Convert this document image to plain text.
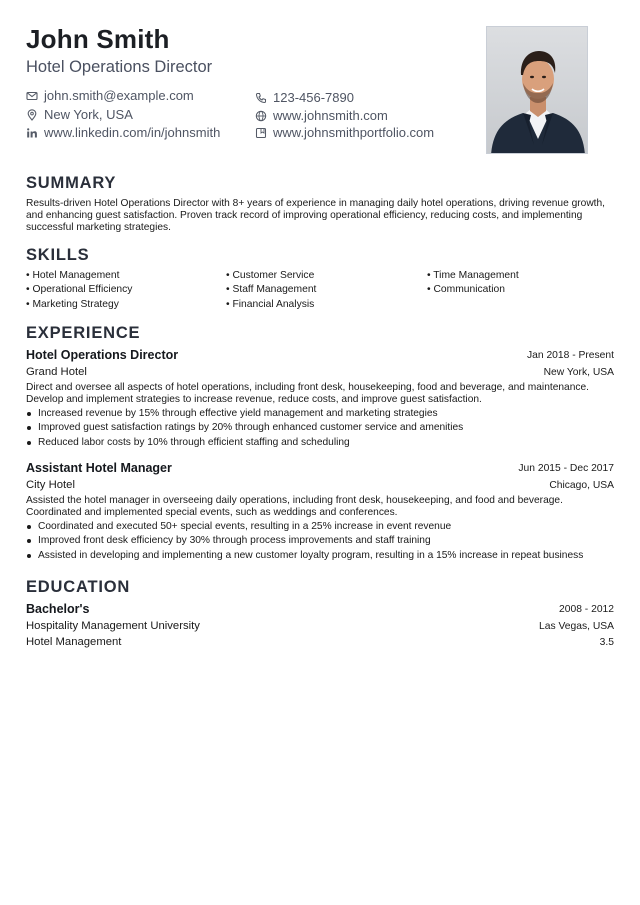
John Smith
Hotel Operations Director
john.smith@example.com
New York, USA
www.linkedin.com/in/johnsmith
123-456-7890
www.johnsmith.com
www.johnsmithportfolio.com
SUMMARY
Results-driven Hotel Operations Director with 8+ years of experience in managing daily hotel operations, driving revenue growth, and enhancing guest satisfaction. Proven track record of improving operational efficiency, reducing costs, and implementing successful marketing strategies.
SKILLS
• Hotel Management
• Operational Efficiency
• Marketing Strategy
• Customer Service
• Staff Management
• Financial Analysis
• Time Management
• Communication
EXPERIENCE
Hotel Operations Director	Jan 2018 - Present
Grand Hotel	New York, USA
Direct and oversee all aspects of hotel operations, including front desk, housekeeping, food and beverage, and maintenance. Develop and implement strategies to increase revenue, reduce costs, and improve guest satisfaction.
Increased revenue by 15% through effective yield management and marketing strategies
Improved guest satisfaction ratings by 20% through enhanced customer service and amenities
Reduced labor costs by 10% through efficient staffing and scheduling
Assistant Hotel Manager	Jun 2015 - Dec 2017
City Hotel	Chicago, USA
Assisted the hotel manager in overseeing daily operations, including front desk, housekeeping, and food and beverage. Coordinated and implemented special events, such as weddings and conferences.
Coordinated and executed 50+ special events, resulting in a 25% increase in event revenue
Improved front desk efficiency by 30% through process improvements and staff training
Assisted in developing and implementing a new customer loyalty program, resulting in a 15% increase in repeat business
EDUCATION
Bachelor's	2008 - 2012
Hospitality Management University	Las Vegas, USA
Hotel Management	3.5
